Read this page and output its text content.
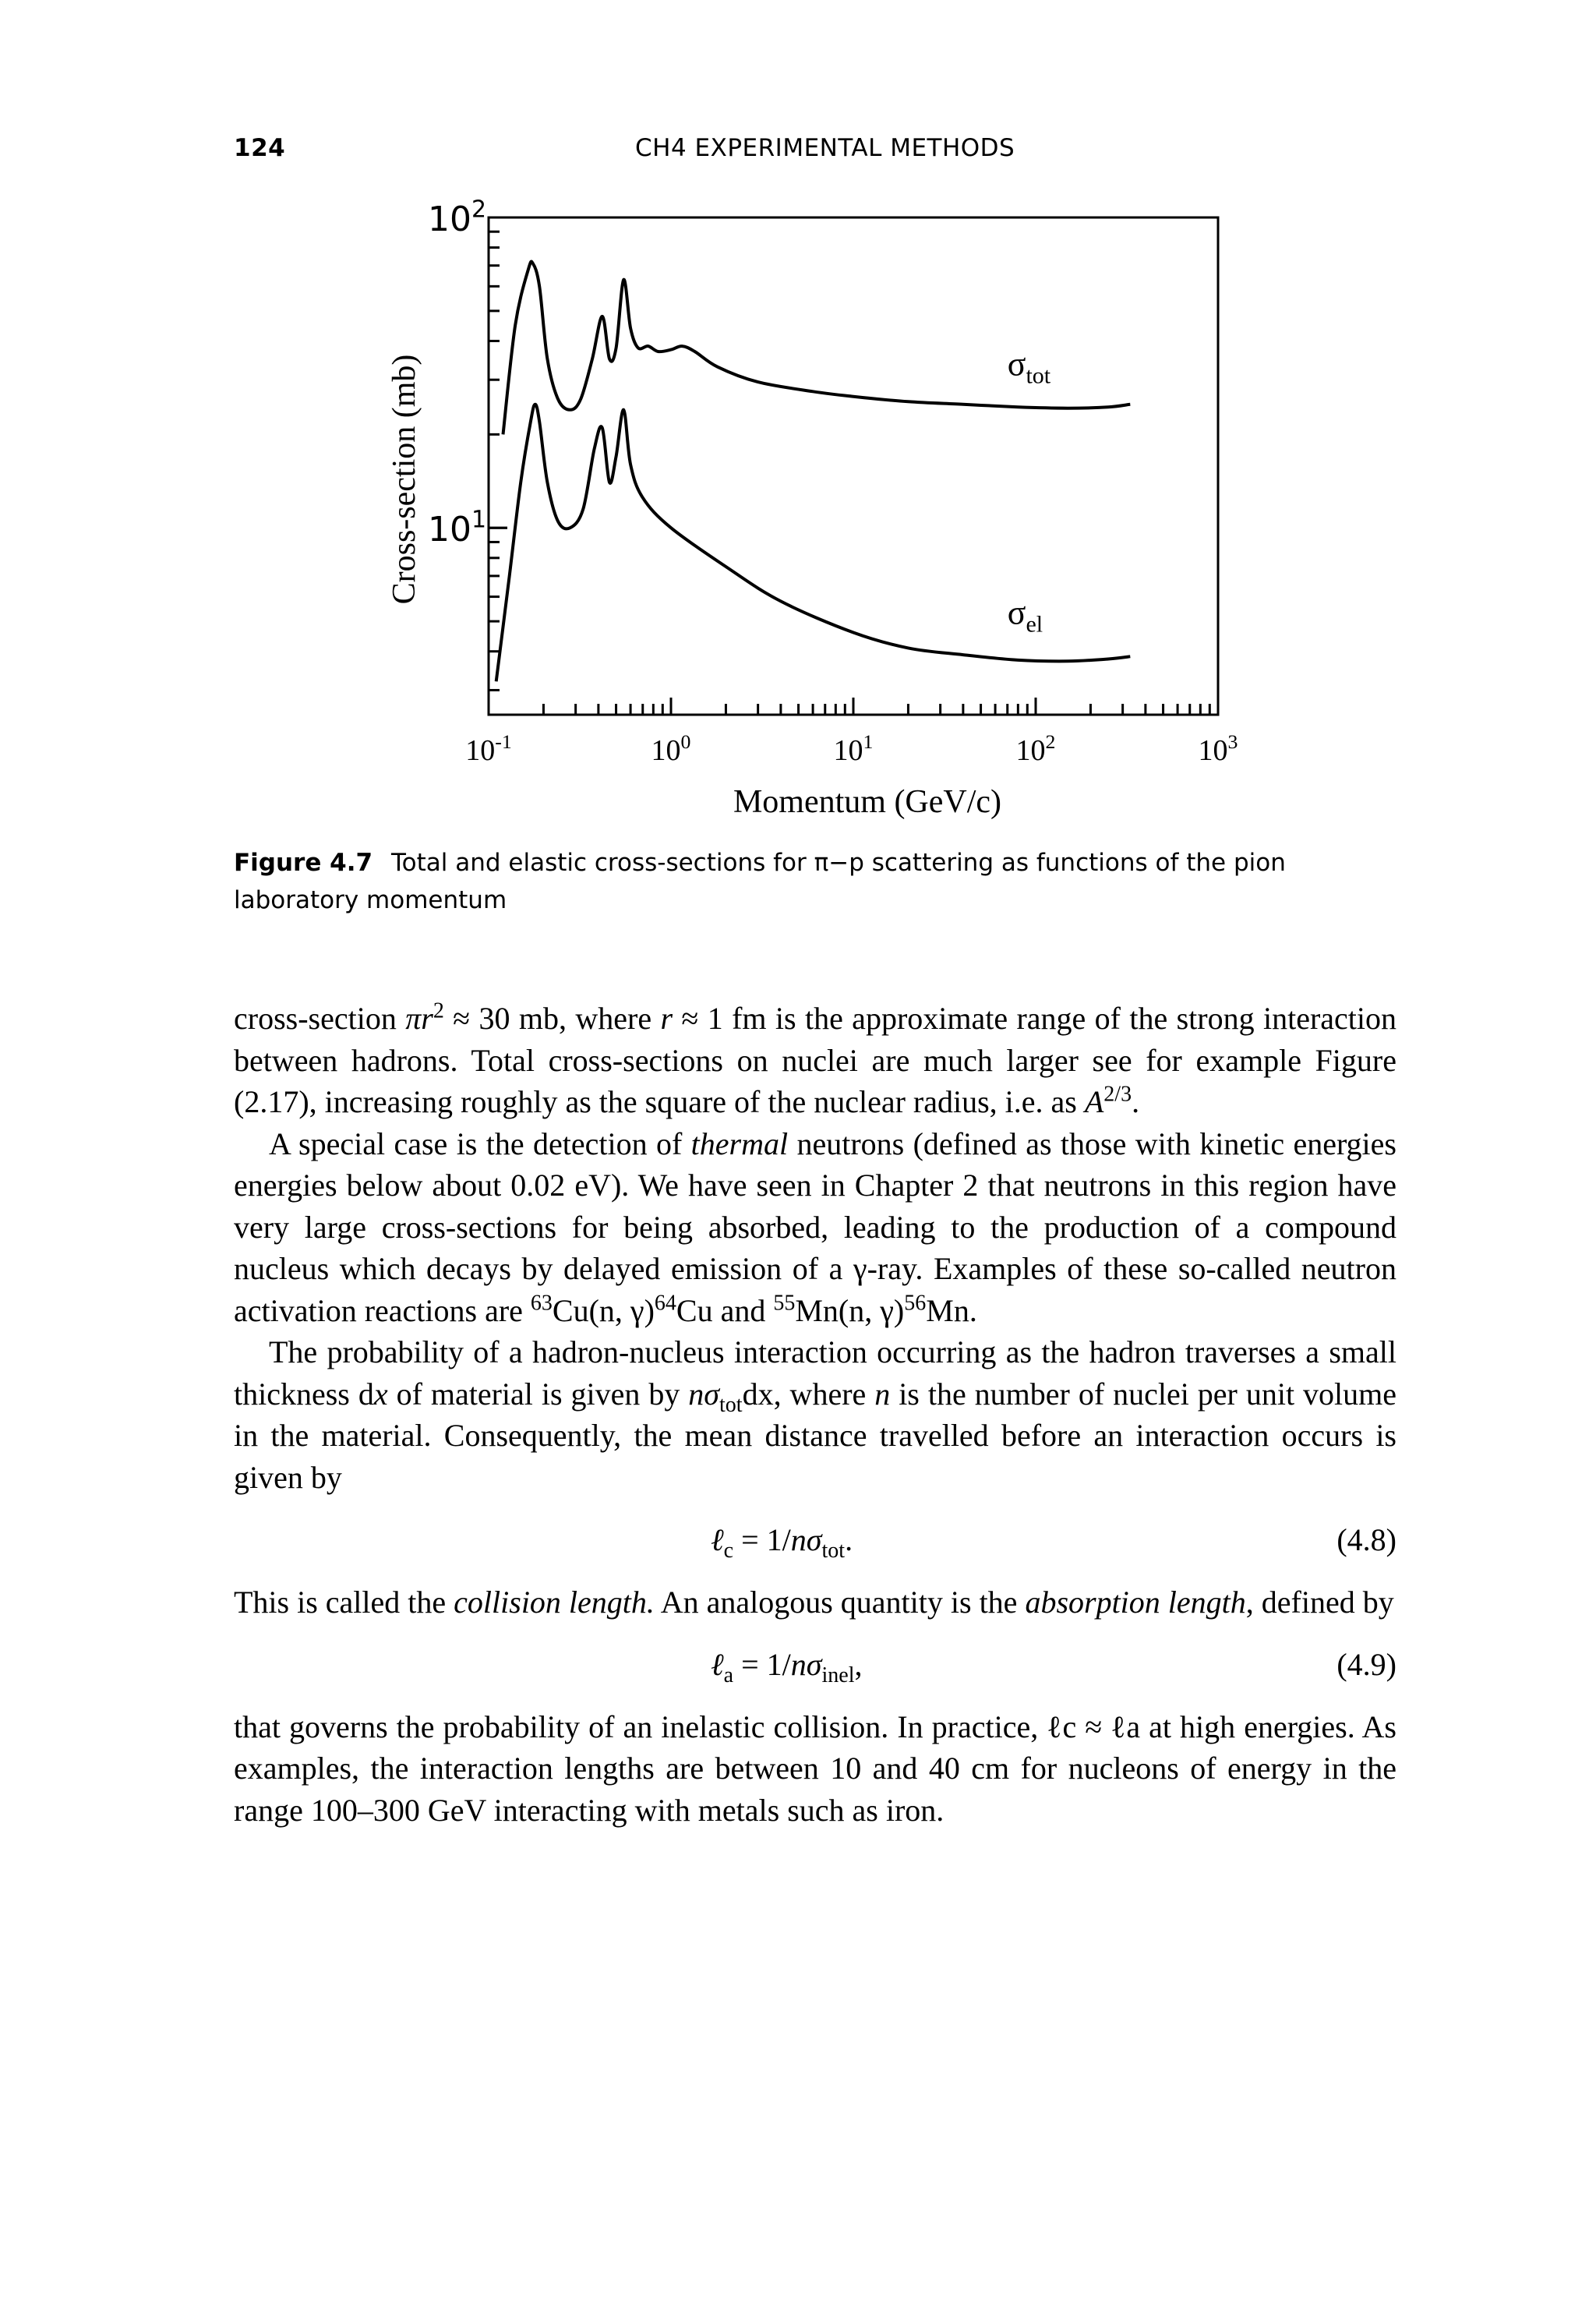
124	CH4 EXPERIMENTAL METHODS
$\sigma_{tot}$
$\sigma_{el}$
$10^1$
$10^2$
$10^{-1}$	$10^0$	$10^1$	$10^2$	$10^3$
Momentum (GeV/c)
Cross-section (mb)
Figure 4.7 Total and elastic cross-sections for π−p scattering as functions of the pion laboratory momentum

cross-section $\pi r^2 \approx 30$ mb, where r ≈ 1 fm is the approximate range of the strong interaction between hadrons. Total cross-sections on nuclei are much larger see for example Figure (2.17), increasing roughly as the square of the nuclear radius, i.e. as $A^{2/3}$.

A special case is the detection of thermal neutrons (defined as those with kinetic energies energies below about 0.02 eV). We have seen in Chapter 2 that neutrons in this region have very large cross-sections for being absorbed, leading to the production of a compound nucleus which decays by delayed emission of a γ-ray. Examples of these so-called neutron activation reactions are $^{63}$Cu(n, γ)$^{64}$Cu and $^{55}$Mn(n, γ)$^{56}$Mn.

The probability of a hadron-nucleus interaction occurring as the hadron traverses a small thickness dx of material is given by $n\sigma_{tot}dx$, where n is the number of nuclei per unit volume in the material. Consequently, the mean distance travelled before an interaction occurs is given by

ℓ$_c$ = $1/n\sigma_{tot}$.	(4.8)

This is called the collision length. An analogous quantity is the absorption length, defined by

ℓ$_a$ = $1/n\sigma_{inel}$,	(4.9)

that governs the probability of an inelastic collision. In practice, ℓc ≈ ℓa at high energies. As examples, the interaction lengths are between 10 and 40 cm for nucleons of energy in the range 100–300 GeV interacting with metals such as iron.
